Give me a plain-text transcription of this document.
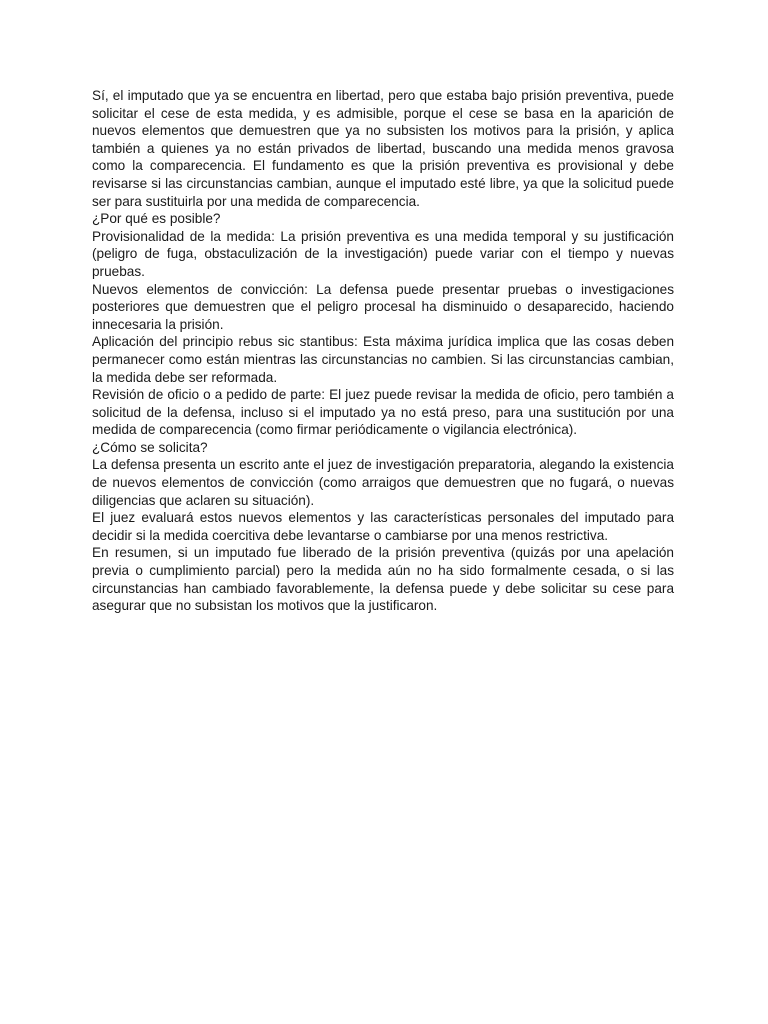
Sí, el imputado que ya se encuentra en libertad, pero que estaba bajo prisión preventiva, puede solicitar el cese de esta medida, y es admisible, porque el cese se basa en la aparición de nuevos elementos que demuestren que ya no subsisten los motivos para la prisión, y aplica también a quienes ya no están privados de libertad, buscando una medida menos gravosa como la comparecencia. El fundamento es que la prisión preventiva es provisional y debe revisarse si las circunstancias cambian, aunque el imputado esté libre, ya que la solicitud puede ser para sustituirla por una medida de comparecencia.

¿Por qué es posible?

Provisionalidad de la medida: La prisión preventiva es una medida temporal y su justificación (peligro de fuga, obstaculización de la investigación) puede variar con el tiempo y nuevas pruebas.

Nuevos elementos de convicción: La defensa puede presentar pruebas o investigaciones posteriores que demuestren que el peligro procesal ha disminuido o desaparecido, haciendo innecesaria la prisión.

Aplicación del principio rebus sic stantibus: Esta máxima jurídica implica que las cosas deben permanecer como están mientras las circunstancias no cambien. Si las circunstancias cambian, la medida debe ser reformada.

Revisión de oficio o a pedido de parte: El juez puede revisar la medida de oficio, pero también a solicitud de la defensa, incluso si el imputado ya no está preso, para una sustitución por una medida de comparecencia (como firmar periódicamente o vigilancia electrónica).

¿Cómo se solicita?

La defensa presenta un escrito ante el juez de investigación preparatoria, alegando la existencia de nuevos elementos de convicción (como arraigos que demuestren que no fugará, o nuevas diligencias que aclaren su situación).

El juez evaluará estos nuevos elementos y las características personales del imputado para decidir si la medida coercitiva debe levantarse o cambiarse por una menos restrictiva.

En resumen, si un imputado fue liberado de la prisión preventiva (quizás por una apelación previa o cumplimiento parcial) pero la medida aún no ha sido formalmente cesada, o si las circunstancias han cambiado favorablemente, la defensa puede y debe solicitar su cese para asegurar que no subsistan los motivos que la justificaron.
